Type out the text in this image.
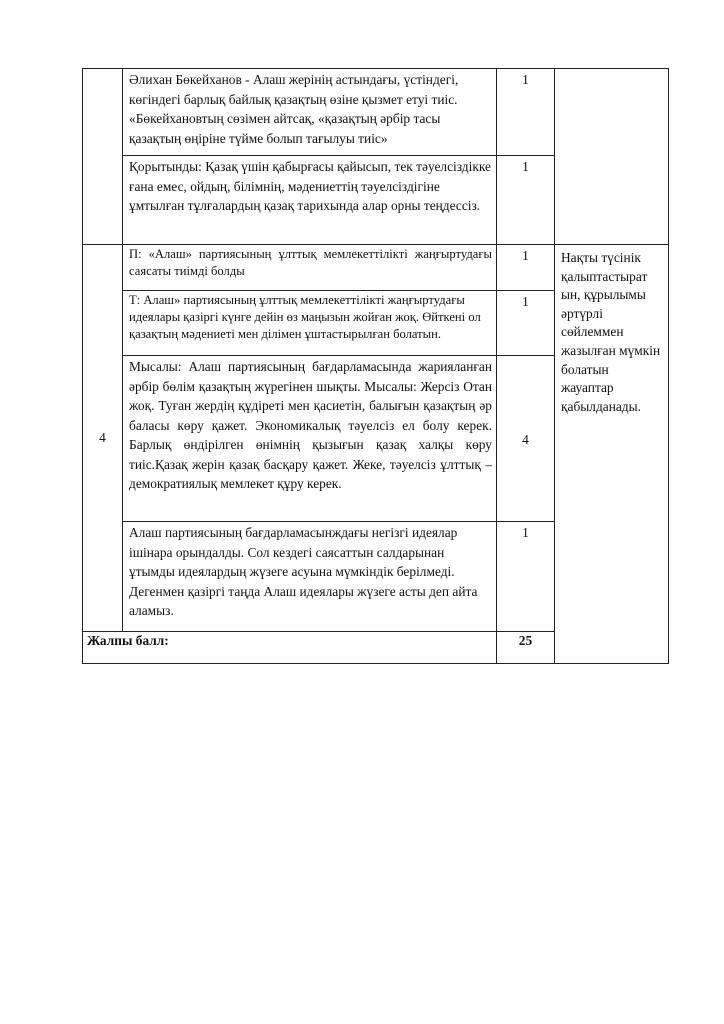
	Әлихан Бөкейханов - Алаш жерінің астындағы, үстіндегі, көгіндегі барлық байлық қазақтың өзіне қызмет етуі тиіс. «Бөкейхановтың сөзімен айтсақ, «қазақтың әрбір тасы қазақтың өңіріне түйме болып тағылуы тиіс»	1		

	Қорытынды: Қазақ үшін қабырғасы қайысып, тек тәуелсіздікке ғана емес, ойдың, білімнің, мәдениеттің тәуелсіздігіне ұмтылған тұлғалардың қазақ тарихында алар орны теңдессіз.	1		

4	П: «Алаш» партиясының ұлттық мемлекеттілікті жаңғыртудағы саясаты тиімді болды	1	Нақты түсінік қалыптастырат ын, құрылымы әртүрлі сөйлеммен жазылған мүмкін болатын жауаптар қабылданады.	

	Т: Алаш» партиясының ұлттық мемлекеттілікті жаңғыртудағы идеялары қазіргі күнге дейін өз маңызын жойған жоқ. Өйткені ол қазақтың мәдениеті мен ділімен ұштастырылған болатын.	1		

	Мысалы: Алаш партиясының бағдарламасында жарияланған әрбір бөлім қазақтың жүрегінен шықты. Мысалы: Жерсіз Отан жоқ. Туған жердің құдіреті мен қасиетін, балығын қазақтың әр баласы көру қажет. Экономикалық тәуелсіз ел болу керек. Барлық өндірілген өнімнің қызығын қазақ халқы көру тиіс.Қазақ жерін қазақ басқару қажет. Жеке, тәуелсіз ұлттық – демократиялық мемлекет құру керек.	4		

	Алаш партиясының бағдарламасынждағы негізгі идеялар ішінара орындалды. Сол кездегі саясаттын салдарынан ұтымды идеялардың жүзеге асуына мүмкіндік берілмеді. Дегенмен қазіргі таңда Алаш идеялары жүзеге асты деп айта аламыз.	1		

Жалпы балл:		25		
